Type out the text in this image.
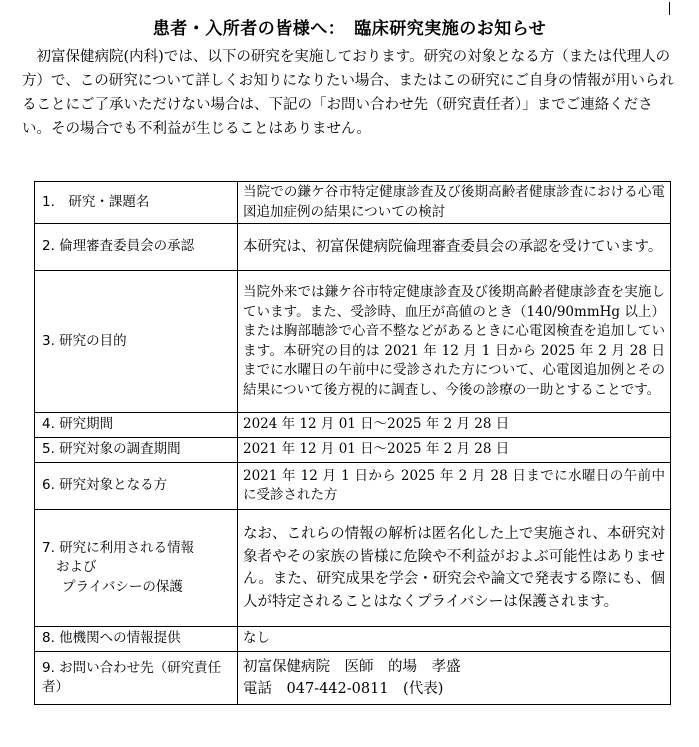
患者・入所者の皆様へ：　臨床研究実施のお知らせ

初富保健病院(内科)では、以下の研究を実施しております。研究の対象となる方（または代理人の方）で、この研究について詳しくお知りになりたい場合、またはこの研究にご自身の情報が用いられることにご了承いただけない場合は、下記の「お問い合わせ先（研究責任者）」までご連絡ください。その場合でも不利益が生じることはありません。

1.　研究・課題名	当院での鎌ケ谷市特定健康診査及び後期高齢者健康診査における心電図追加症例の結果についての検討
2. 倫理審査委員会の承認	本研究は、初富保健病院倫理審査委員会の承認を受けています。
3. 研究の目的	当院外来では鎌ケ谷市特定健康診査及び後期高齢者健康診査を実施しています。また、受診時、血圧が高値のとき（140/90mmHg 以上）または胸部聴診で心音不整などがあるときに心電図検査を追加しています。本研究の目的は 2021 年 12 月 1 日から 2025 年 2 月 28 日までに水曜日の午前中に受診された方について、心電図追加例とその結果について後方視的に調査し、今後の診療の一助とすることです。
4. 研究期間	2024 年 12 月 01 日～2025 年 2 月 28 日
5. 研究対象の調査期間	2021 年 12 月 01 日～2025 年 2 月 28 日
6. 研究対象となる方	2021 年 12 月 1 日から 2025 年 2 月 28 日までに水曜日の午前中に受診された方

7. 研究に利用される情報
および
プライバシーの保護	なお、これらの情報の解析は匿名化した上で実施され、本研究対象者やその家族の皆様に危険や不利益がおよぶ可能性はありません。また、研究成果を学会・研究会や論文で発表する際にも、個人が特定されることはなくプライバシーは保護されます。
8. 他機関への情報提供	なし
9. お問い合わせ先（研究責任者）	初富保健病院　医師　的場　孝盛
電話　047-442-0811　(代表)
